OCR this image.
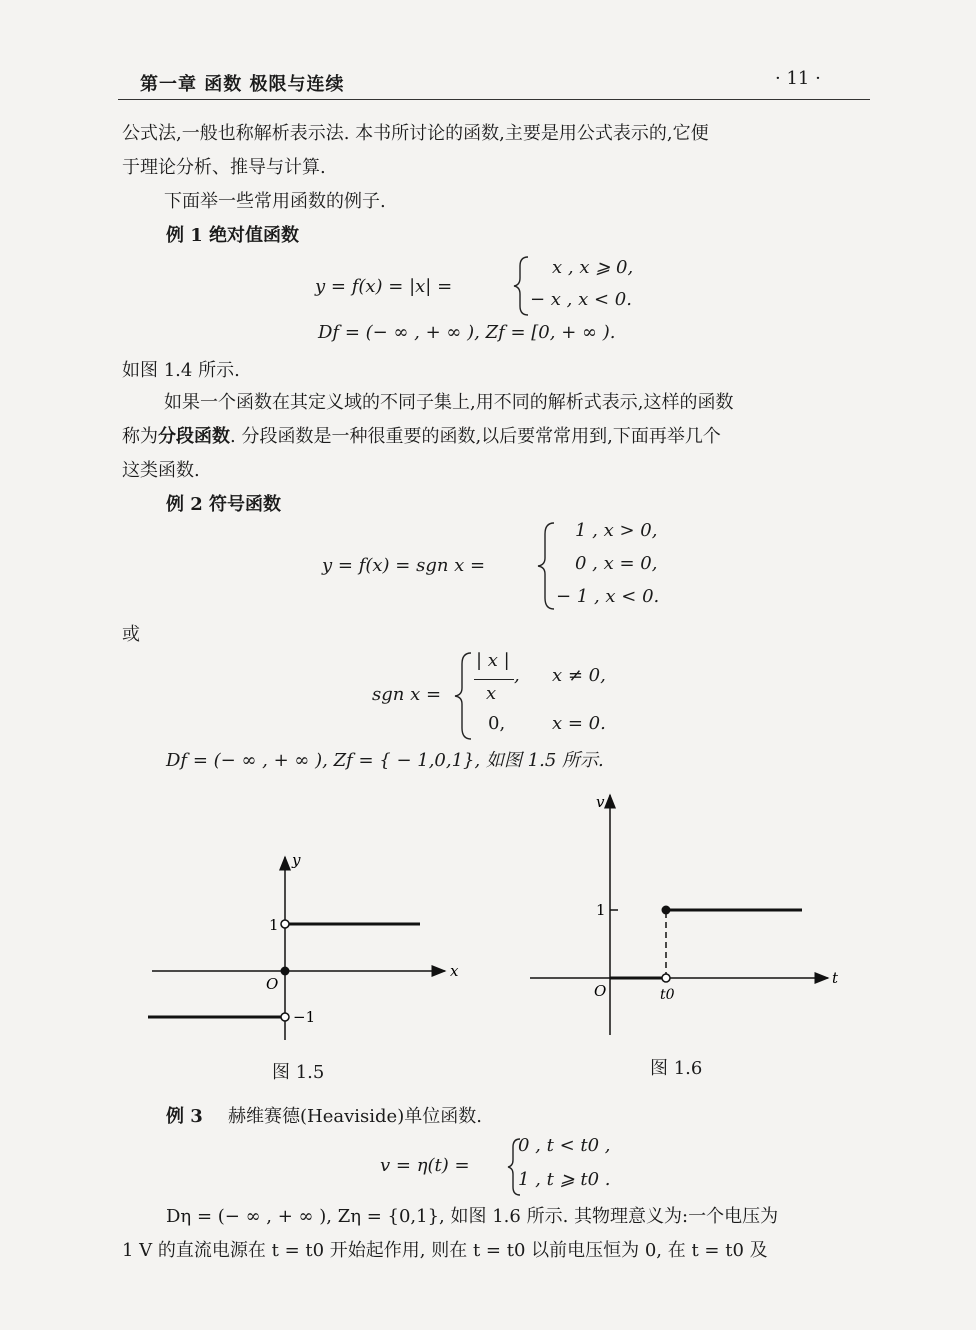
第一章 函数 极限与连续	· 11 ·
公式法,一般也称解析表示法. 本书所讨论的函数,主要是用公式表示的,它便
于理论分析、推导与计算.
下面举一些常用函数的例子.
例 1 绝对值函数
y = f(x) = |x| =
x , x ⩾ 0,
− x , x < 0.
Df = (− ∞ , + ∞ ), Zf = [0, + ∞ ).
如图 1.4 所示.
如果一个函数在其定义域的不同子集上,用不同的解析式表示,这样的函数
称为分段函数. 分段函数是一种很重要的函数,以后要常常用到,下面再举几个
这类函数.
例 2 符号函数
y = f(x) = sgn x =
1 , x > 0,
0 , x = 0,
− 1 , x < 0.
或
sgn x =
| x |
x
, x ≠ 0,
0,	x = 0.
Df = (− ∞ , + ∞ ), Zf = { − 1,0,1}, 如图 1.5 所示.
y
x
O
1
−1
图 1.5
v
t
O
1
t0
图 1.6
例 3 赫维赛德(Heaviside)单位函数.
v = η(t) =
0 , t < t0 ,
1 , t ⩾ t0 .
Dη = (− ∞ , + ∞ ), Zη = {0,1}, 如图 1.6 所示. 其物理意义为:一个电压为
1 V 的直流电源在 t = t0 开始起作用, 则在 t = t0 以前电压恒为 0, 在 t = t0 及
